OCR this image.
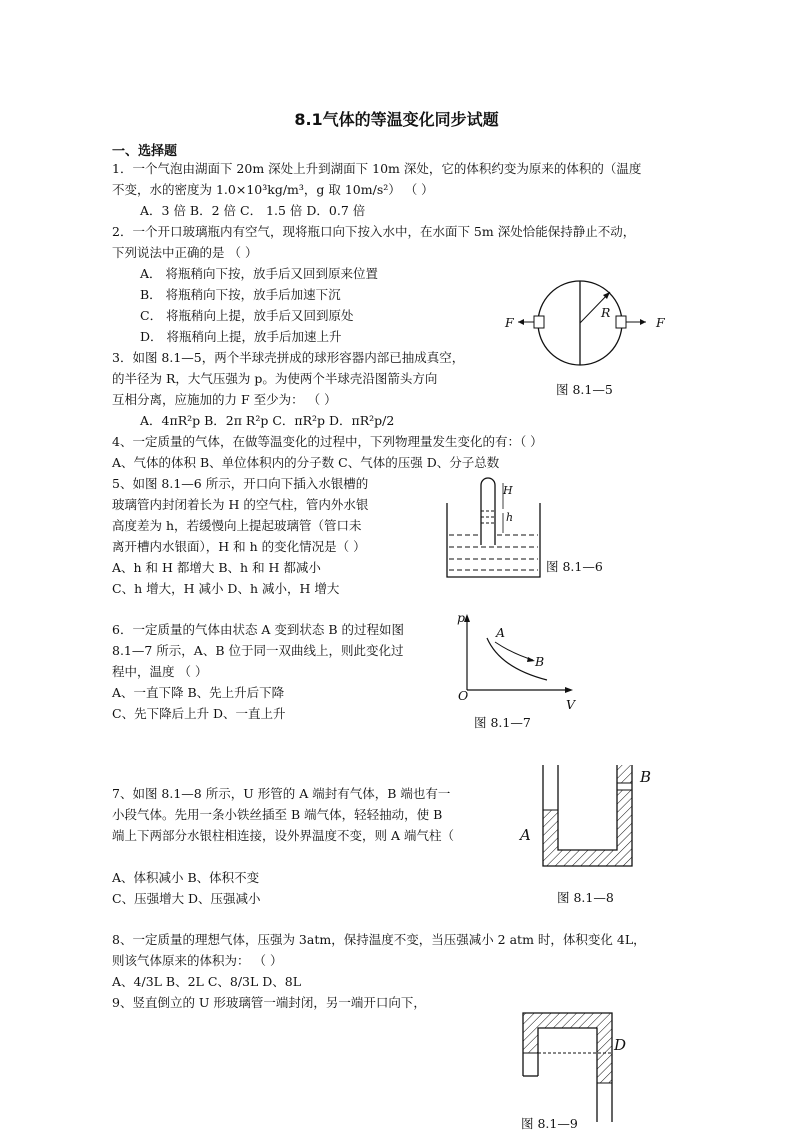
8.1气体的等温变化同步试题
一、选择题
1．一个气泡由湖面下 20m 深处上升到湖面下 10m 深处，它的体积约变为原来的体积的（温度
不变，水的密度为 1.0×10³kg/m³，g 取 10m/s²） （ ）
A．3 倍 B．2 倍 C． 1.5 倍 D．0.7 倍
2．一个开口玻璃瓶内有空气，现将瓶口向下按入水中，在水面下 5m 深处恰能保持静止不动，
下列说法中正确的是 （ ）
A． 将瓶稍向下按，放手后又回到原来位置
B． 将瓶稍向下按，放手后加速下沉
C． 将瓶稍向上提，放手后又回到原处
D． 将瓶稍向上提，放手后加速上升
3．如图 8.1—5，两个半球壳拼成的球形容器内部已抽成真空，
的半径为 R，大气压强为 p。为使两个半球壳沿图箭头方向
互相分离，应施加的力 F 至少为： （ ）
A．4πR²p B．2π R²p C．πR²p D．πR²p/2
4、一定质量的气体，在做等温变化的过程中，下列物理量发生变化的有：（ ）
A、气体的体积 B、单位体积内的分子数 C、气体的压强 D、分子总数
5、如图 8.1—6 所示，开口向下插入水银槽的
玻璃管内封闭着长为 H 的空气柱，管内外水银
高度差为 h，若缓慢向上提起玻璃管（管口未
离开槽内水银面），H 和 h 的变化情况是（ ）
A、h 和 H 都增大 B、h 和 H 都减小
C、h 增大，H 减小 D、h 减小，H 增大
6．一定质量的气体由状态 A 变到状态 B 的过程如图
8.1—7 所示，A、B 位于同一双曲线上，则此变化过
程中，温度 （ ）
A、一直下降 B、先上升后下降
C、先下降后上升 D、一直上升
7、如图 8.1—8 所示，U 形管的 A 端封有气体，B 端也有一
小段气体。先用一条小铁丝插至 B 端气体，轻轻抽动，使 B
端上下两部分水银柱相连接，设外界温度不变，则 A 端气柱（
A、体积减小 B、体积不变
C、压强增大 D、压强减小
8、一定质量的理想气体，压强为 3atm，保持温度不变，当压强减小 2 atm 时，体积变化 4L，
则该气体原来的体积为： （ ）
A、4/3L B、2L C、8/3L D、8L
9、竖直倒立的 U 形玻璃管一端封闭，另一端开口向下，
R
F	F
图 8.1—5
H
h
图 8.1—6
p
O
V
A
B
图 8.1—7
A
B
图 8.1—8
D
图 8.1—9
